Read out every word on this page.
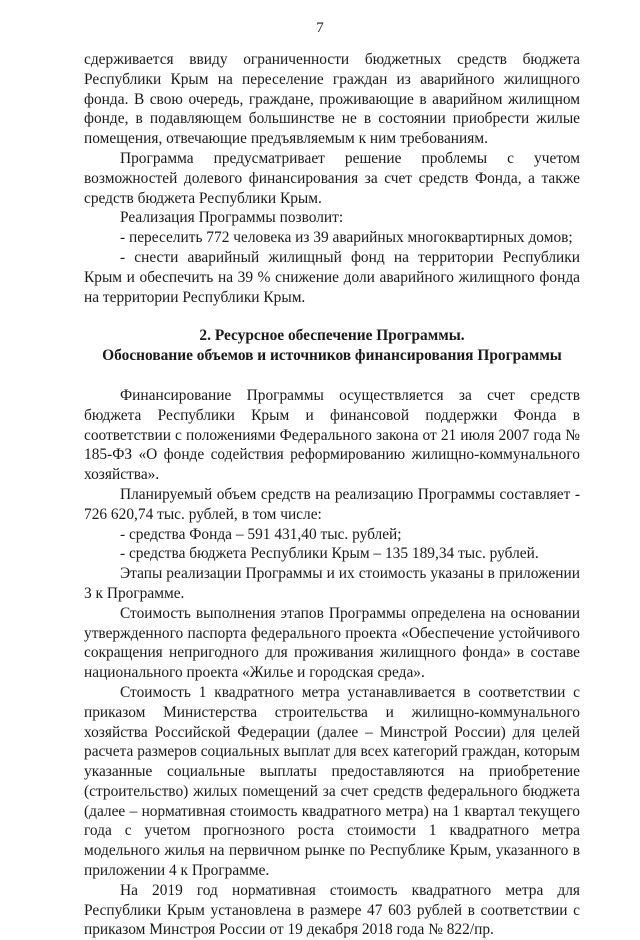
7

сдерживается ввиду ограниченности бюджетных средств бюджета Республики Крым на переселение граждан из аварийного жилищного фонда. В свою очередь, граждане, проживающие в аварийном жилищном фонде, в подавляющем большинстве не в состоянии приобрести жилые помещения, отвечающие предъявляемым к ним требованиям.

Программа предусматривает решение проблемы с учетом возможностей долевого финансирования за счет средств Фонда, а также средств бюджета Республики Крым.

Реализация Программы позволит:

- переселить 772 человека из 39 аварийных многоквартирных домов;

- снести аварийный жилищный фонд на территории Республики Крым и обеспечить на 39 % снижение доли аварийного жилищного фонда на территории Республики Крым.

2. Ресурсное обеспечение Программы.

Обоснование объемов и источников финансирования Программы

Финансирование Программы осуществляется за счет средств бюджета Республики Крым и финансовой поддержки Фонда в соответствии с положениями Федерального закона от 21 июля 2007 года № 185-ФЗ «О фонде содействия реформированию жилищно-коммунального хозяйства».

Планируемый объем средств на реализацию Программы составляет - 726 620,74 тыс. рублей, в том числе:

- средства Фонда – 591 431,40 тыс. рублей;

- средства бюджета Республики Крым – 135 189,34 тыс. рублей.

Этапы реализации Программы и их стоимость указаны в приложении 3 к Программе.

Стоимость выполнения этапов Программы определена на основании утвержденного паспорта федерального проекта «Обеспечение устойчивого сокращения непригодного для проживания жилищного фонда» в составе национального проекта «Жилье и городская среда».

Стоимость 1 квадратного метра устанавливается в соответствии с приказом Министерства строительства и жилищно-коммунального хозяйства Российской Федерации (далее – Минстрой России) для целей расчета размеров социальных выплат для всех категорий граждан, которым указанные социальные выплаты предоставляются на приобретение (строительство) жилых помещений за счет средств федерального бюджета (далее – нормативная стоимость квадратного метра) на 1 квартал текущего года с учетом прогнозного роста стоимости 1 квадратного метра модельного жилья на первичном рынке по Республике Крым, указанного в приложении 4 к Программе.

На 2019 год нормативная стоимость квадратного метра для Республики Крым установлена в размере 47 603 рублей в соответствии с приказом Минстроя России от 19 декабря 2018 года № 822/пр.
